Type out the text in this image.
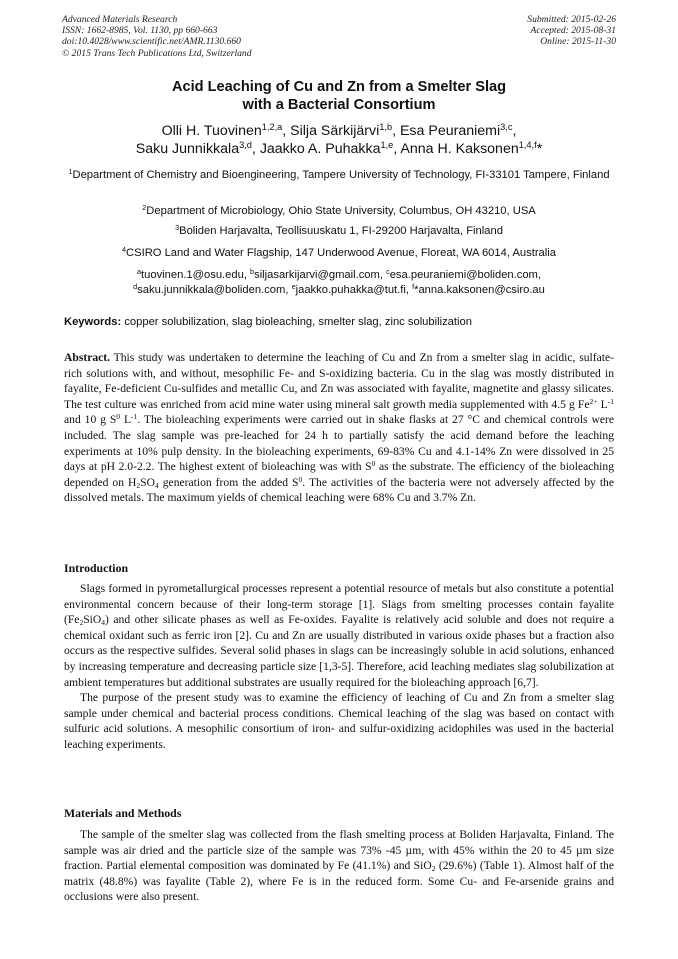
Advanced Materials Research
ISSN: 1662-8985, Vol. 1130, pp 660-663
doi:10.4028/www.scientific.net/AMR.1130.660
© 2015 Trans Tech Publications Ltd, Switzerland
Submitted: 2015-02-26
Accepted: 2015-08-31
Online: 2015-11-30
Acid Leaching of Cu and Zn from a Smelter Slag
with a Bacterial Consortium
Olli H. Tuovinen$^{1,2,a}$, Silja Särkijärvi$^{1,b}$, Esa Peuraniemi$^{3,c}$,
Saku Junnikkala$^{3,d}$, Jaakko A. Puhakka$^{1,e}$, Anna H. Kaksonen$^{1,4,f}$*
$^1$Department of Chemistry and Bioengineering, Tampere University of Technology, FI-33101 Tampere, Finland
$^2$Department of Microbiology, Ohio State University, Columbus, OH 43210, USA
$^3$Boliden Harjavalta, Teollisuuskatu 1, FI-29200 Harjavalta, Finland
$^4$CSIRO Land and Water Flagship, 147 Underwood Avenue, Floreat, WA 6014, Australia
$^a$tuovinen.1@osu.edu, $^b$siljasarkijarvi@gmail.com, $^c$esa.peuraniemi@boliden.com,
$^d$saku.junnikkala@boliden.com, $^e$jaakko.puhakka@tut.fi, $^f$*anna.kaksonen@csiro.au
Keywords: copper solubilization, slag bioleaching, smelter slag, zinc solubilization

Abstract. This study was undertaken to determine the leaching of Cu and Zn from a smelter slag in acidic, sulfate-rich solutions with, and without, mesophilic Fe- and S-oxidizing bacteria. Cu in the slag was mostly distributed in fayalite, Fe-deficient Cu-sulfides and metallic Cu, and Zn was associated with fayalite, magnetite and glassy silicates. The test culture was enriched from acid mine water using mineral salt growth media supplemented with 4.5 g $Fe^{2+}$ $L^{-1}$ and 10 g $S^0$ $L^{-1}$. The bioleaching experiments were carried out in shake flasks at 27 °C and chemical controls were included. The slag sample was pre-leached for 24 h to partially satisfy the acid demand before the leaching experiments at 10% pulp density. In the bioleaching experiments, 69-83% Cu and 4.1-14% Zn were dissolved in 25 days at pH 2.0-2.2. The highest extent of bioleaching was with $S^0$ as the substrate. The efficiency of the bioleaching depended on $H_2SO_4$ generation from the added $S^0$. The activities of the bacteria were not adversely affected by the dissolved metals. The maximum yields of chemical leaching were 68% Cu and 3.7% Zn.

Introduction

Slags formed in pyrometallurgical processes represent a potential resource of metals but also constitute a potential environmental concern because of their long-term storage [1]. Slags from smelting processes contain fayalite $(Fe_2SiO_4)$ and other silicate phases as well as Fe-oxides. Fayalite is relatively acid soluble and does not require a chemical oxidant such as ferric iron [2]. Cu and Zn are usually distributed in various oxide phases but a fraction also occurs as the respective sulfides. Several solid phases in slags can be increasingly soluble in acid solutions, enhanced by increasing temperature and decreasing particle size [1,3-5]. Therefore, acid leaching mediates slag solubilization at ambient temperatures but additional substrates are usually required for the bioleaching approach [6,7].

The purpose of the present study was to examine the efficiency of leaching of Cu and Zn from a smelter slag sample under chemical and bacterial process conditions. Chemical leaching of the slag was based on contact with sulfuric acid solutions. A mesophilic consortium of iron- and sulfur-oxidizing acidophiles was used in the bacterial leaching experiments.

Materials and Methods

The sample of the smelter slag was collected from the flash smelting process at Boliden Harjavalta, Finland. The sample was air dried and the particle size of the sample was 73% -45 µm, with 45% within the 20 to 45 µm size fraction. Partial elemental composition was dominated by Fe (41.1%) and SiO$_2$ (29.6%) (Table 1). Almost half of the matrix (48.8%) was fayalite (Table 2), where Fe is in the reduced form. Some Cu- and Fe-arsenide grains and occlusions were also present.
